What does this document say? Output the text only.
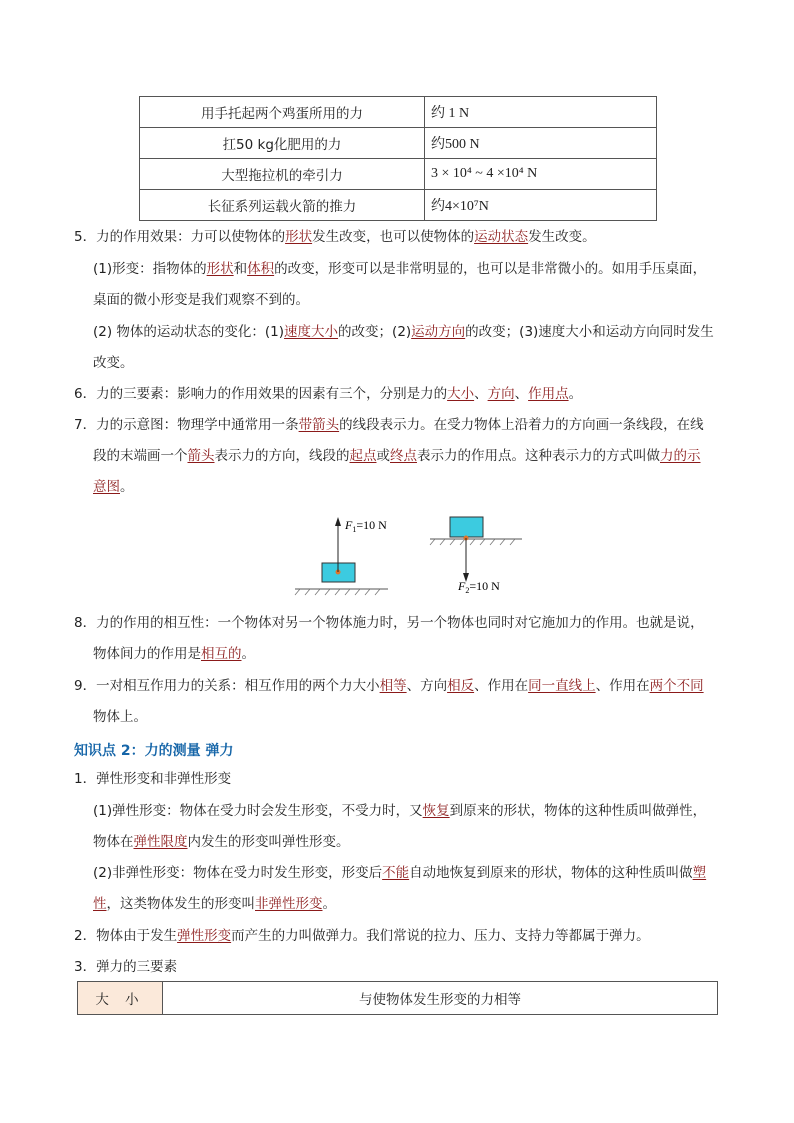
用手托起两个鸡蛋所用的力	约 1 N
扛50 kg化肥用的力	约500 N
大型拖拉机的牵引力	3 × 10⁴ ~ 4 ×10⁴ N
长征系列运载火箭的推力	约4×10⁷N
5．力的作用效果：力可以使物体的形状发生改变，也可以使物体的运动状态发生改变。
(1)形变：指物体的形状和体积的改变，形变可以是非常明显的，也可以是非常微小的。如用手压桌面，
桌面的微小形变是我们观察不到的。
(2) 物体的运动状态的变化：(1)速度大小的改变；(2)运动方向的改变；(3)速度大小和运动方向同时发生
改变。
6．力的三要素：影响力的作用效果的因素有三个，分别是力的大小、方向、作用点。
7．力的示意图：物理学中通常用一条带箭头的线段表示力。在受力物体上沿着力的方向画一条线段，在线
段的末端画一个箭头表示力的方向，线段的起点或终点表示力的作用点。这种表示力的方式叫做力的示
意图。
$F_1=10$ N
$F_2=10$ N
8．力的作用的相互性：一个物体对另一个物体施力时，另一个物体也同时对它施加力的作用。也就是说，
物体间力的作用是相互的。
9．一对相互作用力的关系：相互作用的两个力大小相等、方向相反、作用在同一直线上、作用在两个不同
物体上。
知识点 2：力的测量 弹力
1．弹性形变和非弹性形变
(1)弹性形变：物体在受力时会发生形变，不受力时，又恢复到原来的形状，物体的这种性质叫做弹性，
物体在弹性限度内发生的形变叫弹性形变。
(2)非弹性形变：物体在受力时发生形变，形变后不能自动地恢复到原来的形状，物体的这种性质叫做塑
性，这类物体发生的形变叫非弹性形变。
2．物体由于发生弹性形变而产生的力叫做弹力。我们常说的拉力、压力、支持力等都属于弹力。
3．弹力的三要素
大 小	与使物体发生形变的力相等
